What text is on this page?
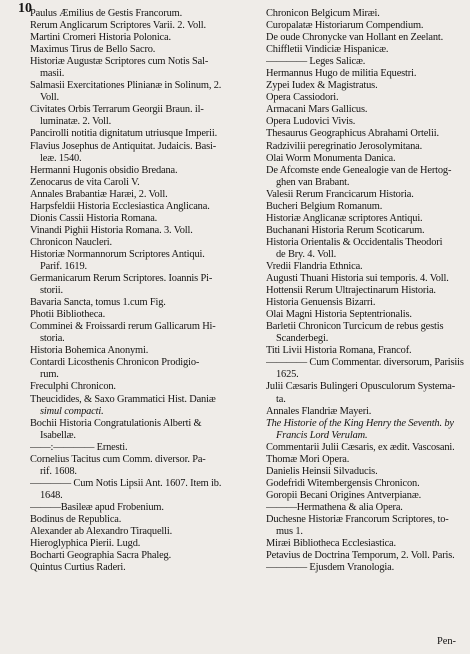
10
Paulus Æmilius de Gestis Francorum.
Rerum Anglicarum Scriptores Varii. 2. Voll.
Martini Cromeri Historia Polonica.
Maximus Tirus de Bello Sacro.
Historiæ Augustæ Scriptores cum Notis Sal-
masii.
Salmasii Exercitationes Plinianæ in Solinum, 2.
Voll.
Civitates Orbis Terrarum Georgii Braun. il-
luminatæ. 2. Voll.
Pancirolli notitia dignitatum utriusque Imperii.
Flavius Josephus de Antiquitat. Judaicis. Basi-
leæ. 1540.
Hermanni Hugonis obsidio Bredana.
Zenocarus de vita Caroli V.
Annales Brabantiæ Haræi, 2. Voll.
Harpsfeldii Historia Ecclesiastica Anglicana.
Dionis Cassii Historia Romana.
Vinandi Pighii Historia Romana. 3. Voll.
Chronicon Naucleri.
Historiæ Normannorum Scriptores Antiqui.
Parif. 1619.
Germanicarum Rerum Scriptores. Ioannis Pi-
storii.
Bavaria Sancta, tomus 1.cum Fig.
Photii Bibliotheca.
Comminei & Froissardi rerum Gallicarum Hi-
storia.
Historia Bohemica Anonymi.
Contardi Licosthenis Chronicon Prodigio-
rum.
Freculphi Chronicon.
Theucidides, & Saxo Grammatici Hist. Daniæ
simul compacti.
Bochii Historia Congratulationis Alberti &
Isabellæ.
——:———— Ernesti.
Cornelius Tacitus cum Comm. diversor. Pa-
rif. 1608.
———— Cum Notis Lipsii Ant. 1607. Item ib.
1648.
———Basileæ apud Frobenium.
Bodinus de Republica.
Alexander ab Alexandro Tiraquelli.
Hieroglyphica Pierii. Lugd.
Bocharti Geographia Sacra Phaleg.
Quintus Curtius Raderi.
Chronicon Belgicum Miræi.
Curopalatæ Historiarum Compendium.
De oude Chronycke van Hollant en Zeelant.
Chiffletii Vindiciæ Hispanicæ.
———— Leges Salicæ.
Hermannus Hugo de militia Equestri.
Zypei Iudex & Magistratus.
Opera Cassiodori.
Armacani Mars Gallicus.
Opera Ludovici Vivis.
Thesaurus Geographicus Abrahami Ortelii.
Radzivilii peregrinatio Jerosolymitana.
Olai Worm Monumenta Danica.
De Afcomste ende Genealogie van de Hertog-
ghen van Brabant.
Valesii Rerum Francicarum Historia.
Bucheri Belgium Romanum.
Historiæ Anglicanæ scriptores Antiqui.
Buchanani Historia Rerum Scoticarum.
Historia Orientalis & Occidentalis Theodori
de Bry. 4. Voll.
Vredii Flandria Ethnica.
Augusti Thuani Historia sui temporis. 4. Voll.
Hottensii Rerum Ultrajectinarum Historia.
Historia Genuensis Bizarri.
Olai Magni Historia Septentrionalis.
Barletii Chronicon Turcicum de rebus gestis
Scanderbegi.
Titi Livii Historia Romana, Francof.
———— Cum Commentar. diversorum, Parisiis
1625.
Julii Cæsaris Bulingeri Opusculorum Systema-
ta.
Annales Flandriæ Mayeri.
The Historie of the King Henry the Seventh. by
Francis Lord Verulam.
Commentarii Julii Cæsaris, ex ædit. Vascosani.
Thomæ Mori Opera.
Danielis Heinsii Silvaducis.
Godefridi Witembergensis Chronicon.
Goropii Becani Origines Antverpianæ.
———Hermathena & alia Opera.
Duchesne Historiæ Francorum Scriptores, to-
mus 1.
Miræi Bibliotheca Ecclesiastica.
Petavius de Doctrina Temporum, 2. Voll. Paris.
———— Ejusdem Vranologia.
Pen-
